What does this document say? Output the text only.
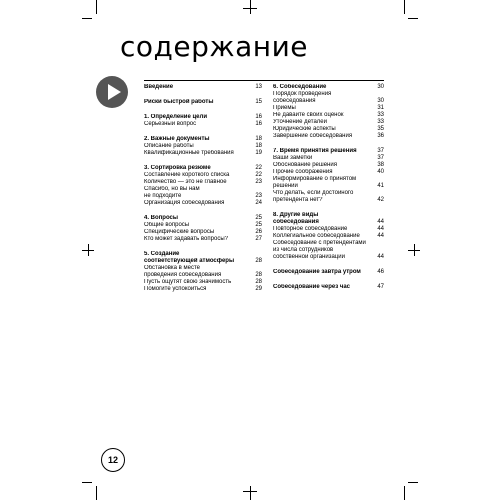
содержание
Введение	13
Риски быстрой работы	15
1. Определение цели	16
Серьезный вопрос	16
2. Важные документы	18
Описание работы	18
Квалификационные требования	19
3. Сортировка резюме	22
Составление короткого списка	22
Количество — это не главное	23
Спасибо, но вы нам
не подходите	23
Организация собеседования	24
4. Вопросы	25
Общие вопросы	25
Специфические вопросы	26
Кто может задавать вопросы?	27
5. Создание
соответствующей атмосферы	28
Обстановка в месте
проведения собеседования	28
Пусть ощутят свою значимость	28
Помогите успокоиться	29
6. Собеседование	30
Порядок проведения
собеседования	30
Приемы	31
Не давайте своих оценок	33
Уточнение деталей	33
Юридические аспекты	35
Завершение собеседования	36
7. Время принятия решения	37
Ваши заметки	37
Обоснование решения	38
Прочие соображения	40
Информирование о принятом
решении	41
Что делать, если достойного
претендента нет?	42
8. Другие виды
собеседования	44
Повторное собеседование	44
Коллегиальное собеседование	44
Собеседование с претендентами
из числа сотрудников
собственной организации	44
Собеседование завтра утром	46
Собеседование через час	47
12
